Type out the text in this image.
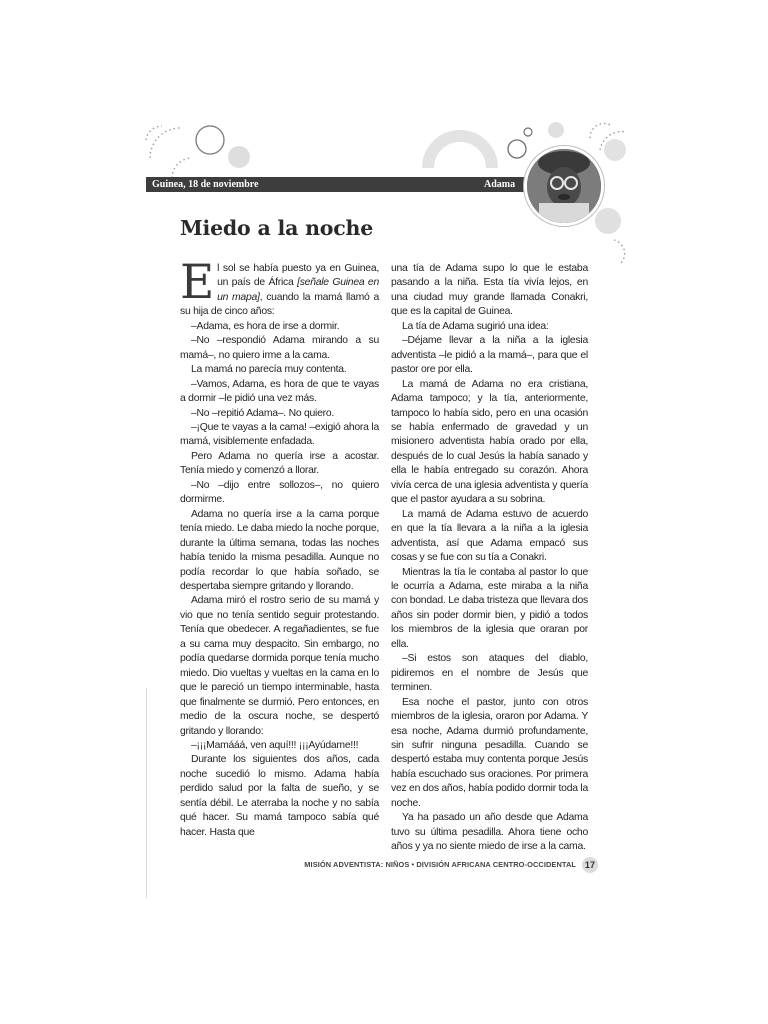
Guinea, 18 de noviembre	Adama
Miedo a la noche

El sol se había puesto ya en Guinea, un país de África [señale Guinea en un mapa], cuando la mamá llamó a su hija de cinco años:

–Adama, es hora de irse a dormir.

–No –respondió Adama mirando a su mamá–, no quiero irme a la cama.

La mamá no parecía muy contenta.

–Vamos, Adama, es hora de que te vayas a dormir –le pidió una vez más.

–No –repitió Adama–. No quiero.

–¡Que te vayas a la cama! –exigió ahora la mamá, visiblemente enfadada.

Pero Adama no quería irse a acostar. Tenía miedo y comenzó a llorar.

–No –dijo entre sollozos–, no quiero dormirme.

Adama no quería irse a la cama porque tenía miedo. Le daba miedo la noche porque, durante la última semana, todas las noches había tenido la misma pesadilla. Aunque no podía recordar lo que había soñado, se despertaba siempre gritando y llorando.

Adama miró el rostro serio de su mamá y vio que no tenía sentido seguir protestando. Tenía que obedecer. A regañadientes, se fue a su cama muy despacito. Sin embargo, no podía quedarse dormida porque tenía mucho miedo. Dio vueltas y vueltas en la cama en lo que le pareció un tiempo interminable, hasta que finalmente se durmió. Pero entonces, en medio de la oscura noche, se despertó gritando y llorando:

–¡¡¡Mamááá, ven aquí!!! ¡¡¡Ayúdame!!!

Durante los siguientes dos años, cada noche sucedió lo mismo. Adama había perdido salud por la falta de sueño, y se sentía débil. Le aterraba la noche y no sabía qué hacer. Su mamá tampoco sabía qué hacer. Hasta que

una tía de Adama supo lo que le estaba pasando a la niña. Esta tía vivía lejos, en una ciudad muy grande llamada Conakri, que es la capital de Guinea.

La tía de Adama sugirió una idea:

–Déjame llevar a la niña a la iglesia adventista –le pidió a la mamá–, para que el pastor ore por ella.

La mamá de Adama no era cristiana, Adama tampoco; y la tía, anteriormente, tampoco lo había sido, pero en una ocasión se había enfermado de gravedad y un misionero adventista había orado por ella, después de lo cual Jesús la había sanado y ella le había entregado su corazón. Ahora vivía cerca de una iglesia adventista y quería que el pastor ayudara a su sobrina.

La mamá de Adama estuvo de acuerdo en que la tía llevara a la niña a la iglesia adventista, así que Adama empacó sus cosas y se fue con su tía a Conakri.

Mientras la tía le contaba al pastor lo que le ocurría a Adama, este miraba a la niña con bondad. Le daba tristeza que llevara dos años sin poder dormir bien, y pidió a todos los miembros de la iglesia que oraran por ella.

–Si estos son ataques del diablo, pidiremos en el nombre de Jesús que terminen.

Esa noche el pastor, junto con otros miembros de la iglesia, oraron por Adama. Y esa noche, Adama durmió profundamente, sin sufrir ninguna pesadilla. Cuando se despertó estaba muy contenta porque Jesús había escuchado sus oraciones. Por primera vez en dos años, había podido dormir toda la noche.

Ya ha pasado un año desde que Adama tuvo su última pesadilla. Ahora tiene ocho años y ya no siente miedo de irse a la cama.

MISIÓN ADVENTISTA: NIÑOS • DIVISIÓN AFRICANA CENTRO-OCCIDENTAL 17
